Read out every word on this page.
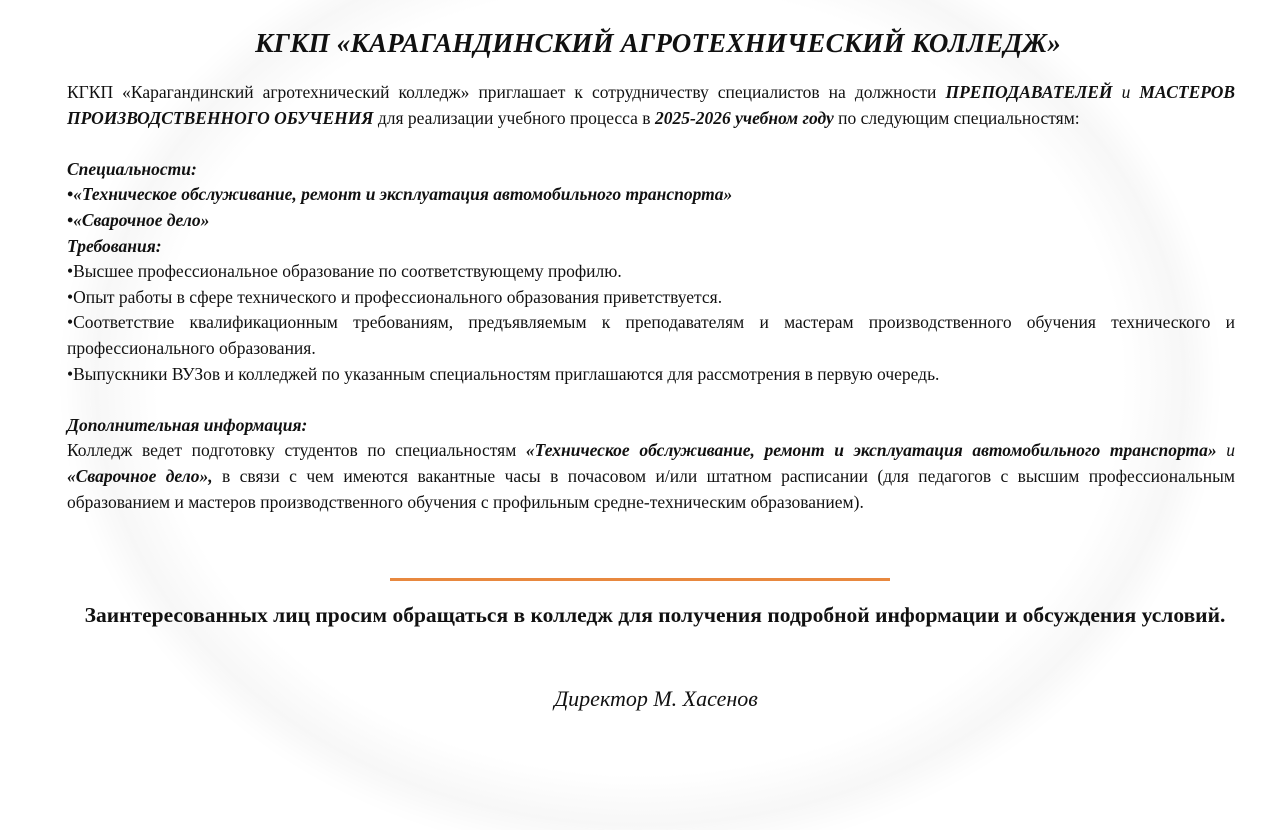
КГКП «КАРАГАНДИНСКИЙ АГРОТЕХНИЧЕСКИЙ КОЛЛЕДЖ»

КГКП «Карагандинский агротехнический колледж» приглашает к сотрудничеству специалистов на должности ПРЕПОДАВАТЕЛЕЙ и МАСТЕРОВ ПРОИЗВОДСТВЕННОГО ОБУЧЕНИЯ для реализации учебного процесса в 2025-2026 учебном году по следующим специальностям:

Специальности:

•«Техническое обслуживание, ремонт и эксплуатация автомобильного транспорта»

•«Сварочное дело»

Требования:

•Высшее профессиональное образование по соответствующему профилю.

•Опыт работы в сфере технического и профессионального образования приветствуется.

•Соответствие квалификационным требованиям, предъявляемым к преподавателям и мастерам производственного обучения технического и профессионального образования.

•Выпускники ВУЗов и колледжей по указанным специальностям приглашаются для рассмотрения в первую очередь.

Дополнительная информация:

Колледж ведет подготовку студентов по специальностям «Техническое обслуживание, ремонт и эксплуатация автомобильного транспорта» и «Сварочное дело», в связи с чем имеются вакантные часы в почасовом и/или штатном расписании (для педагогов с высшим профессиональным образованием и мастеров производственного обучения с профильным средне-техническим образованием).

Заинтересованных лиц просим обращаться в колледж для получения подробной информации и обсуждения условий.
Директор М. Хасенов
